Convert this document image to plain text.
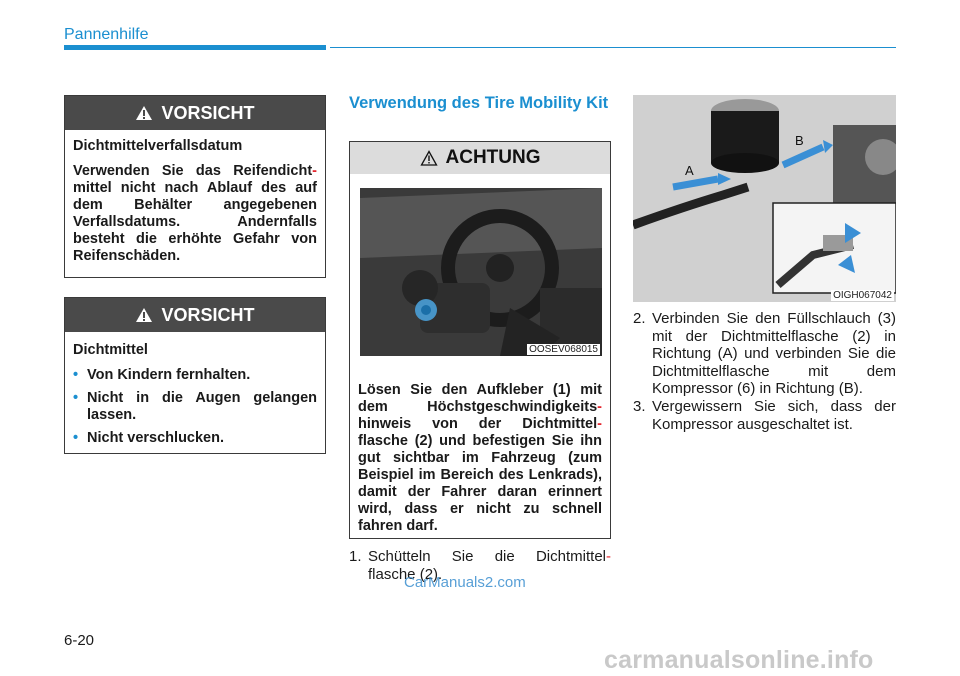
Pannenhilfe
VORSICHT

Dichtmittelverfallsdatum

Verwenden Sie das Reifendicht- mittel nicht nach Ablauf des auf dem Behälter angegebenen Verfallsdatums. Andernfalls besteht die erhöhte Gefahr von Reifenschäden.

VORSICHT

Dichtmittel

• Von Kindern fernhalten.
• Nicht in die Augen gelangen lassen.
• Nicht verschlucken.
Verwendung des Tire Mobility Kit
ACHTUNG
OOSEV068015

Lösen Sie den Aufkleber (1) mit dem Höchstgeschwindigkeits- hinweis von der Dichtmittel- flasche (2) und befestigen Sie ihn gut sichtbar im Fahrzeug (zum Beispiel im Bereich des Lenkrads), damit der Fahrer daran erinnert wird, dass er nicht zu schnell fahren darf.

1. Schütteln Sie die Dichtmittel- flasche (2).
A
B
OIGH067042
2. Verbinden Sie den Füllschlauch (3) mit der Dichtmittelflasche (2) in Richtung (A) und verbinden Sie die Dichtmittelflasche mit dem Kompressor (6) in Richtung (B).
3. Vergewissern Sie sich, dass der Kompressor ausgeschaltet ist.
6-20
CarManuals2.com
carmanualsonline.info
